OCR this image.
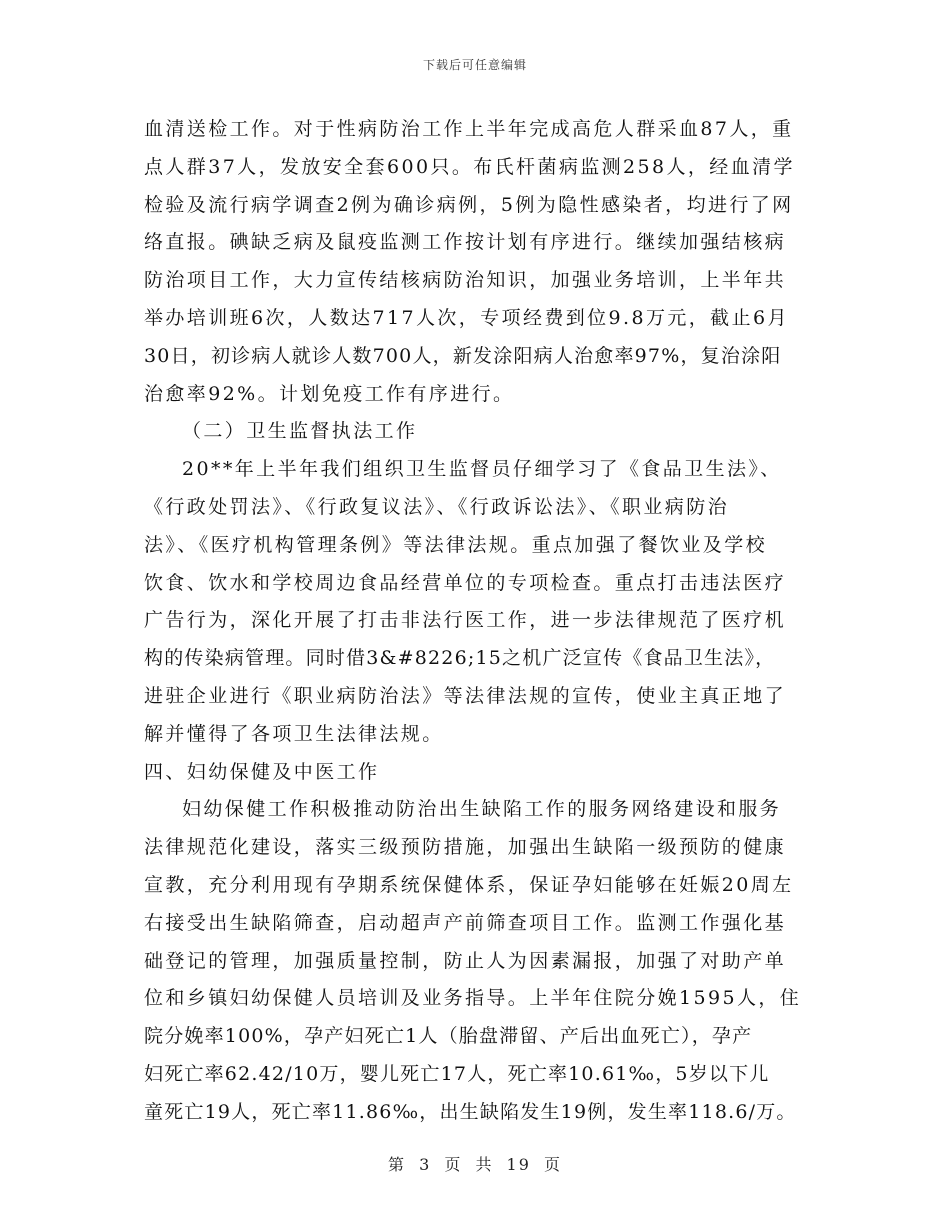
下载后可任意编辑
血清送检工作。对于性病防治工作上半年完成高危人群采血87人，重
点人群37人，发放安全套600只。布氏杆菌病监测258人，经血清学
检验及流行病学调查2例为确诊病例，5例为隐性感染者，均进行了网
络直报。碘缺乏病及鼠疫监测工作按计划有序进行。继续加强结核病
防治项目工作，大力宣传结核病防治知识，加强业务培训，上半年共
举办培训班6次，人数达717人次，专项经费到位9.8万元，截止6月
30日，初诊病人就诊人数700人，新发涂阳病人治愈率97%，复治涂阳
治愈率92%。计划免疫工作有序进行。
（二）卫生监督执法工作
20**年上半年我们组织卫生监督员仔细学习了《食品卫生法》、
《行政处罚法》、《行政复议法》、《行政诉讼法》、《职业病防治
法》、《医疗机构管理条例》等法律法规。重点加强了餐饮业及学校
饮食、饮水和学校周边食品经营单位的专项检查。重点打击违法医疗
广告行为，深化开展了打击非法行医工作，进一步法律规范了医疗机
构的传染病管理。同时借3&#8226;15之机广泛宣传《食品卫生法》，
进驻企业进行《职业病防治法》等法律法规的宣传，使业主真正地了
解并懂得了各项卫生法律法规。
四、妇幼保健及中医工作
妇幼保健工作积极推动防治出生缺陷工作的服务网络建设和服务
法律规范化建设，落实三级预防措施，加强出生缺陷一级预防的健康
宣教，充分利用现有孕期系统保健体系，保证孕妇能够在妊娠20周左
右接受出生缺陷筛查，启动超声产前筛查项目工作。监测工作强化基
础登记的管理，加强质量控制，防止人为因素漏报，加强了对助产单
位和乡镇妇幼保健人员培训及业务指导。上半年住院分娩1595人，住
院分娩率100%，孕产妇死亡1人（胎盘滞留、产后出血死亡），孕产
妇死亡率62.42/10万，婴儿死亡17人，死亡率10.61‰，5岁以下儿
童死亡19人，死亡率11.86‰，出生缺陷发生19例，发生率118.6/万。
第 3 页 共 19 页
